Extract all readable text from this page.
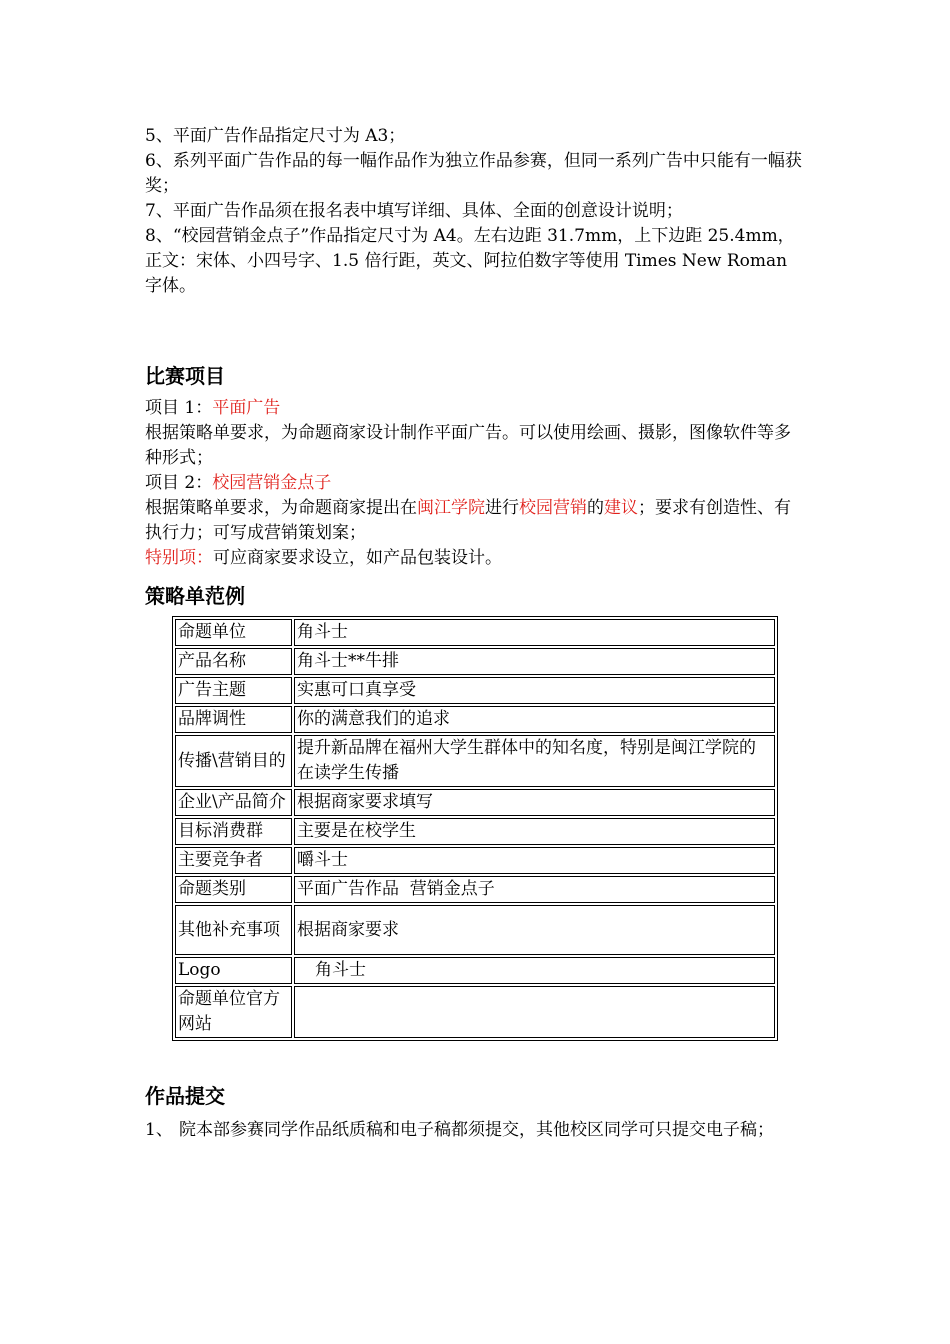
5、平面广告作品指定尺寸为 A3；

6、系列平面广告作品的每一幅作品作为独立作品参赛，但同一系列广告中只能有一幅获奖；

7、平面广告作品须在报名表中填写详细、具体、全面的创意设计说明；

8、“校园营销金点子”作品指定尺寸为 A4。左右边距 31.7mm，上下边距 25.4mm，正文：宋体、小四号字、1.5 倍行距，英文、阿拉伯数字等使用 Times New Roman 字体。

比赛项目

项目 1：平面广告

根据策略单要求，为命题商家设计制作平面广告。可以使用绘画、摄影，图像软件等多种形式；

项目 2：校园营销金点子

根据策略单要求，为命题商家提出在闽江学院进行校园营销的建议；要求有创造性、有执行力；可写成营销策划案；

特别项：可应商家要求设立，如产品包装设计。

策略单范例
命题单位	角斗士
产品名称	角斗士**牛排
广告主题	实惠可口真享受
品牌调性	你的满意我们的追求
传播\营销目的	提升新品牌在福州大学生群体中的知名度，特别是闽江学院的在读学生传播
企业\产品简介	根据商家要求填写
目标消费群	主要是在校学生
主要竞争者	嚼斗士
命题类别	平面广告作品  营销金点子
其他补充事项	根据商家要求
Logo	角斗士
命题单位官方网站	
作品提交

1、 院本部参赛同学作品纸质稿和电子稿都须提交，其他校区同学可只提交电子稿；
